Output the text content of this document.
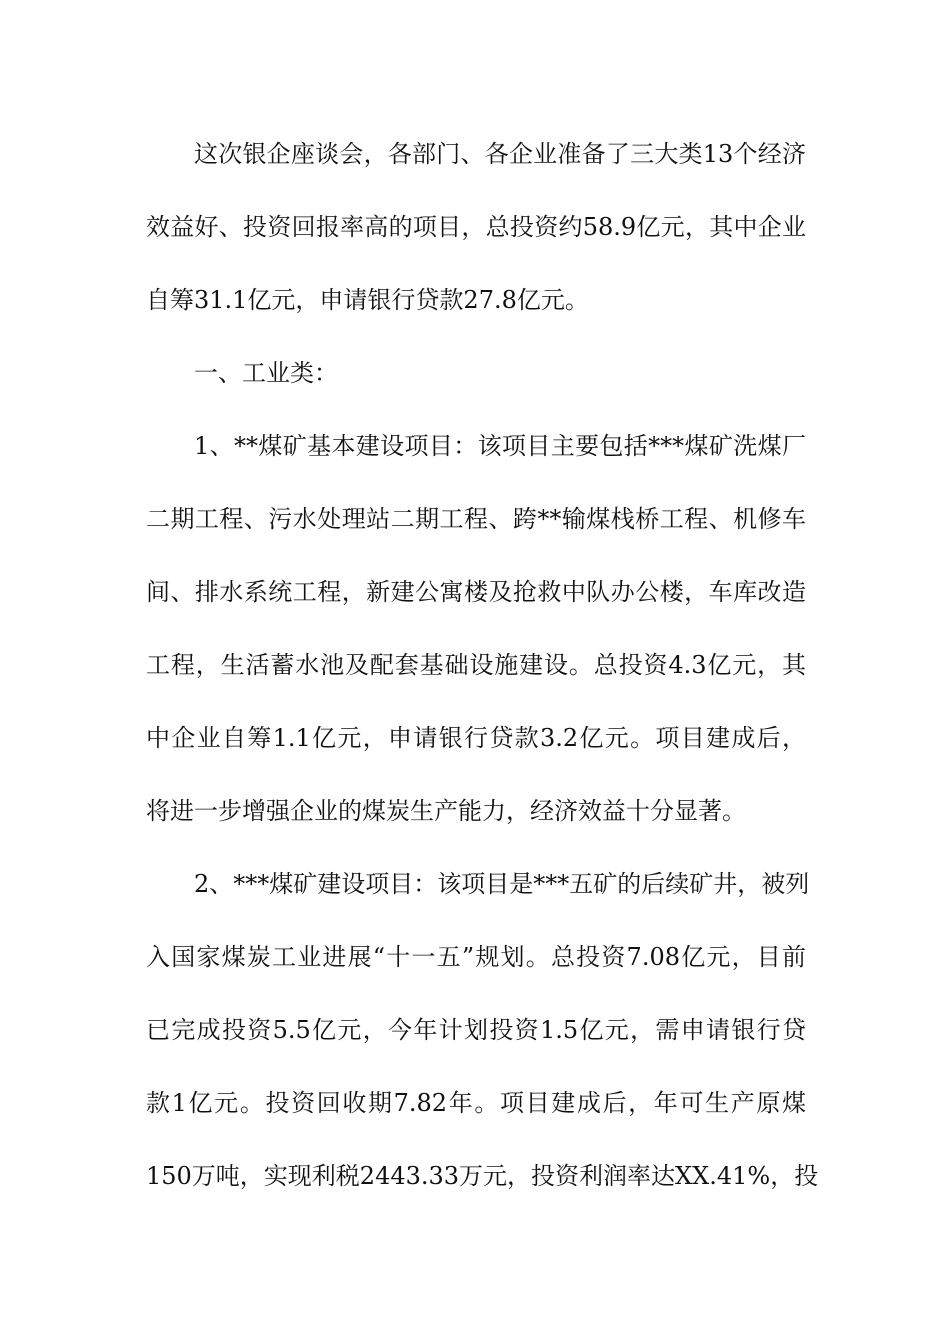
这次银企座谈会，各部门、各企业准备了三大类13个经济
效益好、投资回报率高的项目，总投资约58.9亿元，其中企业
自筹31.1亿元，申请银行贷款27.8亿元。
一、工业类：
1、**煤矿基本建设项目：该项目主要包括***煤矿洗煤厂
二期工程、污水处理站二期工程、跨**输煤栈桥工程、机修车
间、排水系统工程，新建公寓楼及抢救中队办公楼，车库改造
工程，生活蓄水池及配套基础设施建设。总投资4.3亿元，其
中企业自筹1.1亿元，申请银行贷款3.2亿元。项目建成后，
将进一步增强企业的煤炭生产能力，经济效益十分显著。
2、***煤矿建设项目：该项目是***五矿的后续矿井，被列
入国家煤炭工业进展“十一五”规划。总投资7.08亿元，目前
已完成投资5.5亿元，今年计划投资1.5亿元，需申请银行贷
款1亿元。投资回收期7.82年。项目建成后，年可生产原煤
150万吨，实现利税2443.33万元，投资利润率达XX.41%，投
